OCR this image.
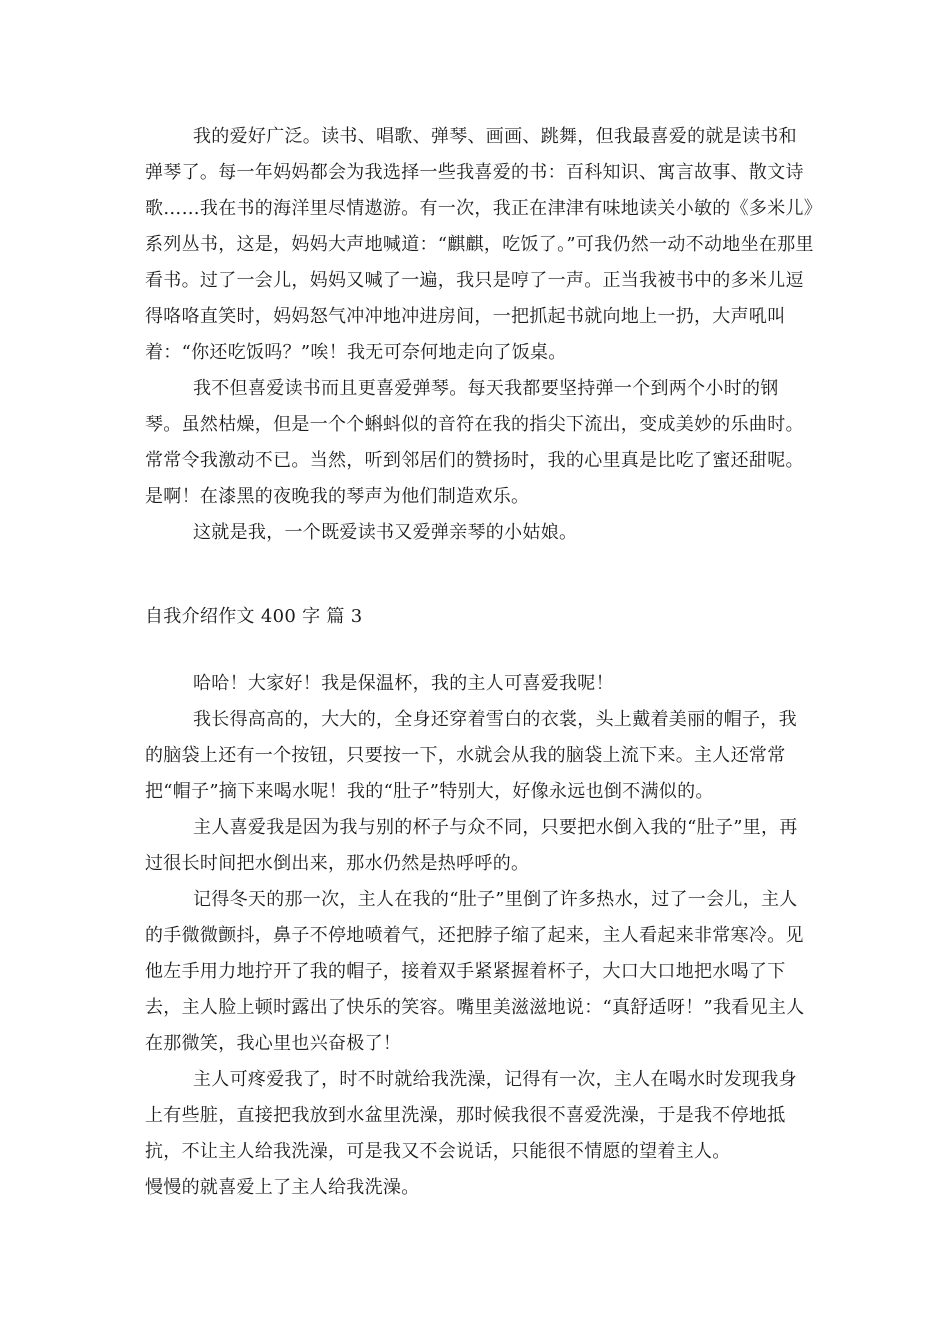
我的爱好广泛。读书、唱歌、弹琴、画画、跳舞，但我最喜爱的就是读书和弹琴了。每一年妈妈都会为我选择一些我喜爱的书：百科知识、寓言故事、散文诗歌……我在书的海洋里尽情遨游。有一次，我正在津津有味地读关小敏的《多米儿》系列丛书，这是，妈妈大声地喊道：“麒麒，吃饭了。”可我仍然一动不动地坐在那里看书。过了一会儿，妈妈又喊了一遍，我只是哼了一声。正当我被书中的多米儿逗得咯咯直笑时，妈妈怒气冲冲地冲进房间，一把抓起书就向地上一扔，大声吼叫着：“你还吃饭吗？”唉！我无可奈何地走向了饭桌。

我不但喜爱读书而且更喜爱弹琴。每天我都要坚持弹一个到两个小时的钢琴。虽然枯燥，但是一个个蝌蚪似的音符在我的指尖下流出，变成美妙的乐曲时。常常令我激动不已。当然，听到邻居们的赞扬时，我的心里真是比吃了蜜还甜呢。是啊！在漆黑的夜晚我的琴声为他们制造欢乐。

这就是我，一个既爱读书又爱弹亲琴的小姑娘。

自我介绍作文 400 字 篇 3

哈哈！大家好！我是保温杯，我的主人可喜爱我呢！

我长得高高的，大大的，全身还穿着雪白的衣裳，头上戴着美丽的帽子，我的脑袋上还有一个按钮，只要按一下，水就会从我的脑袋上流下来。主人还常常把“帽子”摘下来喝水呢！我的“肚子”特别大，好像永远也倒不满似的。

主人喜爱我是因为我与别的杯子与众不同，只要把水倒入我的“肚子”里，再过很长时间把水倒出来，那水仍然是热呼呼的。

记得冬天的那一次，主人在我的“肚子”里倒了许多热水，过了一会儿，主人的手微微颤抖，鼻子不停地喷着气，还把脖子缩了起来，主人看起来非常寒冷。见他左手用力地拧开了我的帽子，接着双手紧紧握着杯子，大口大口地把水喝了下去，主人脸上顿时露出了快乐的笑容。嘴里美滋滋地说：“真舒适呀！”我看见主人在那微笑，我心里也兴奋极了！

主人可疼爱我了，时不时就给我洗澡，记得有一次，主人在喝水时发现我身上有些脏，直接把我放到水盆里洗澡，那时候我很不喜爱洗澡，于是我不停地抵抗，不让主人给我洗澡，可是我又不会说话，只能很不情愿的望着主人。

慢慢的就喜爱上了主人给我洗澡。
